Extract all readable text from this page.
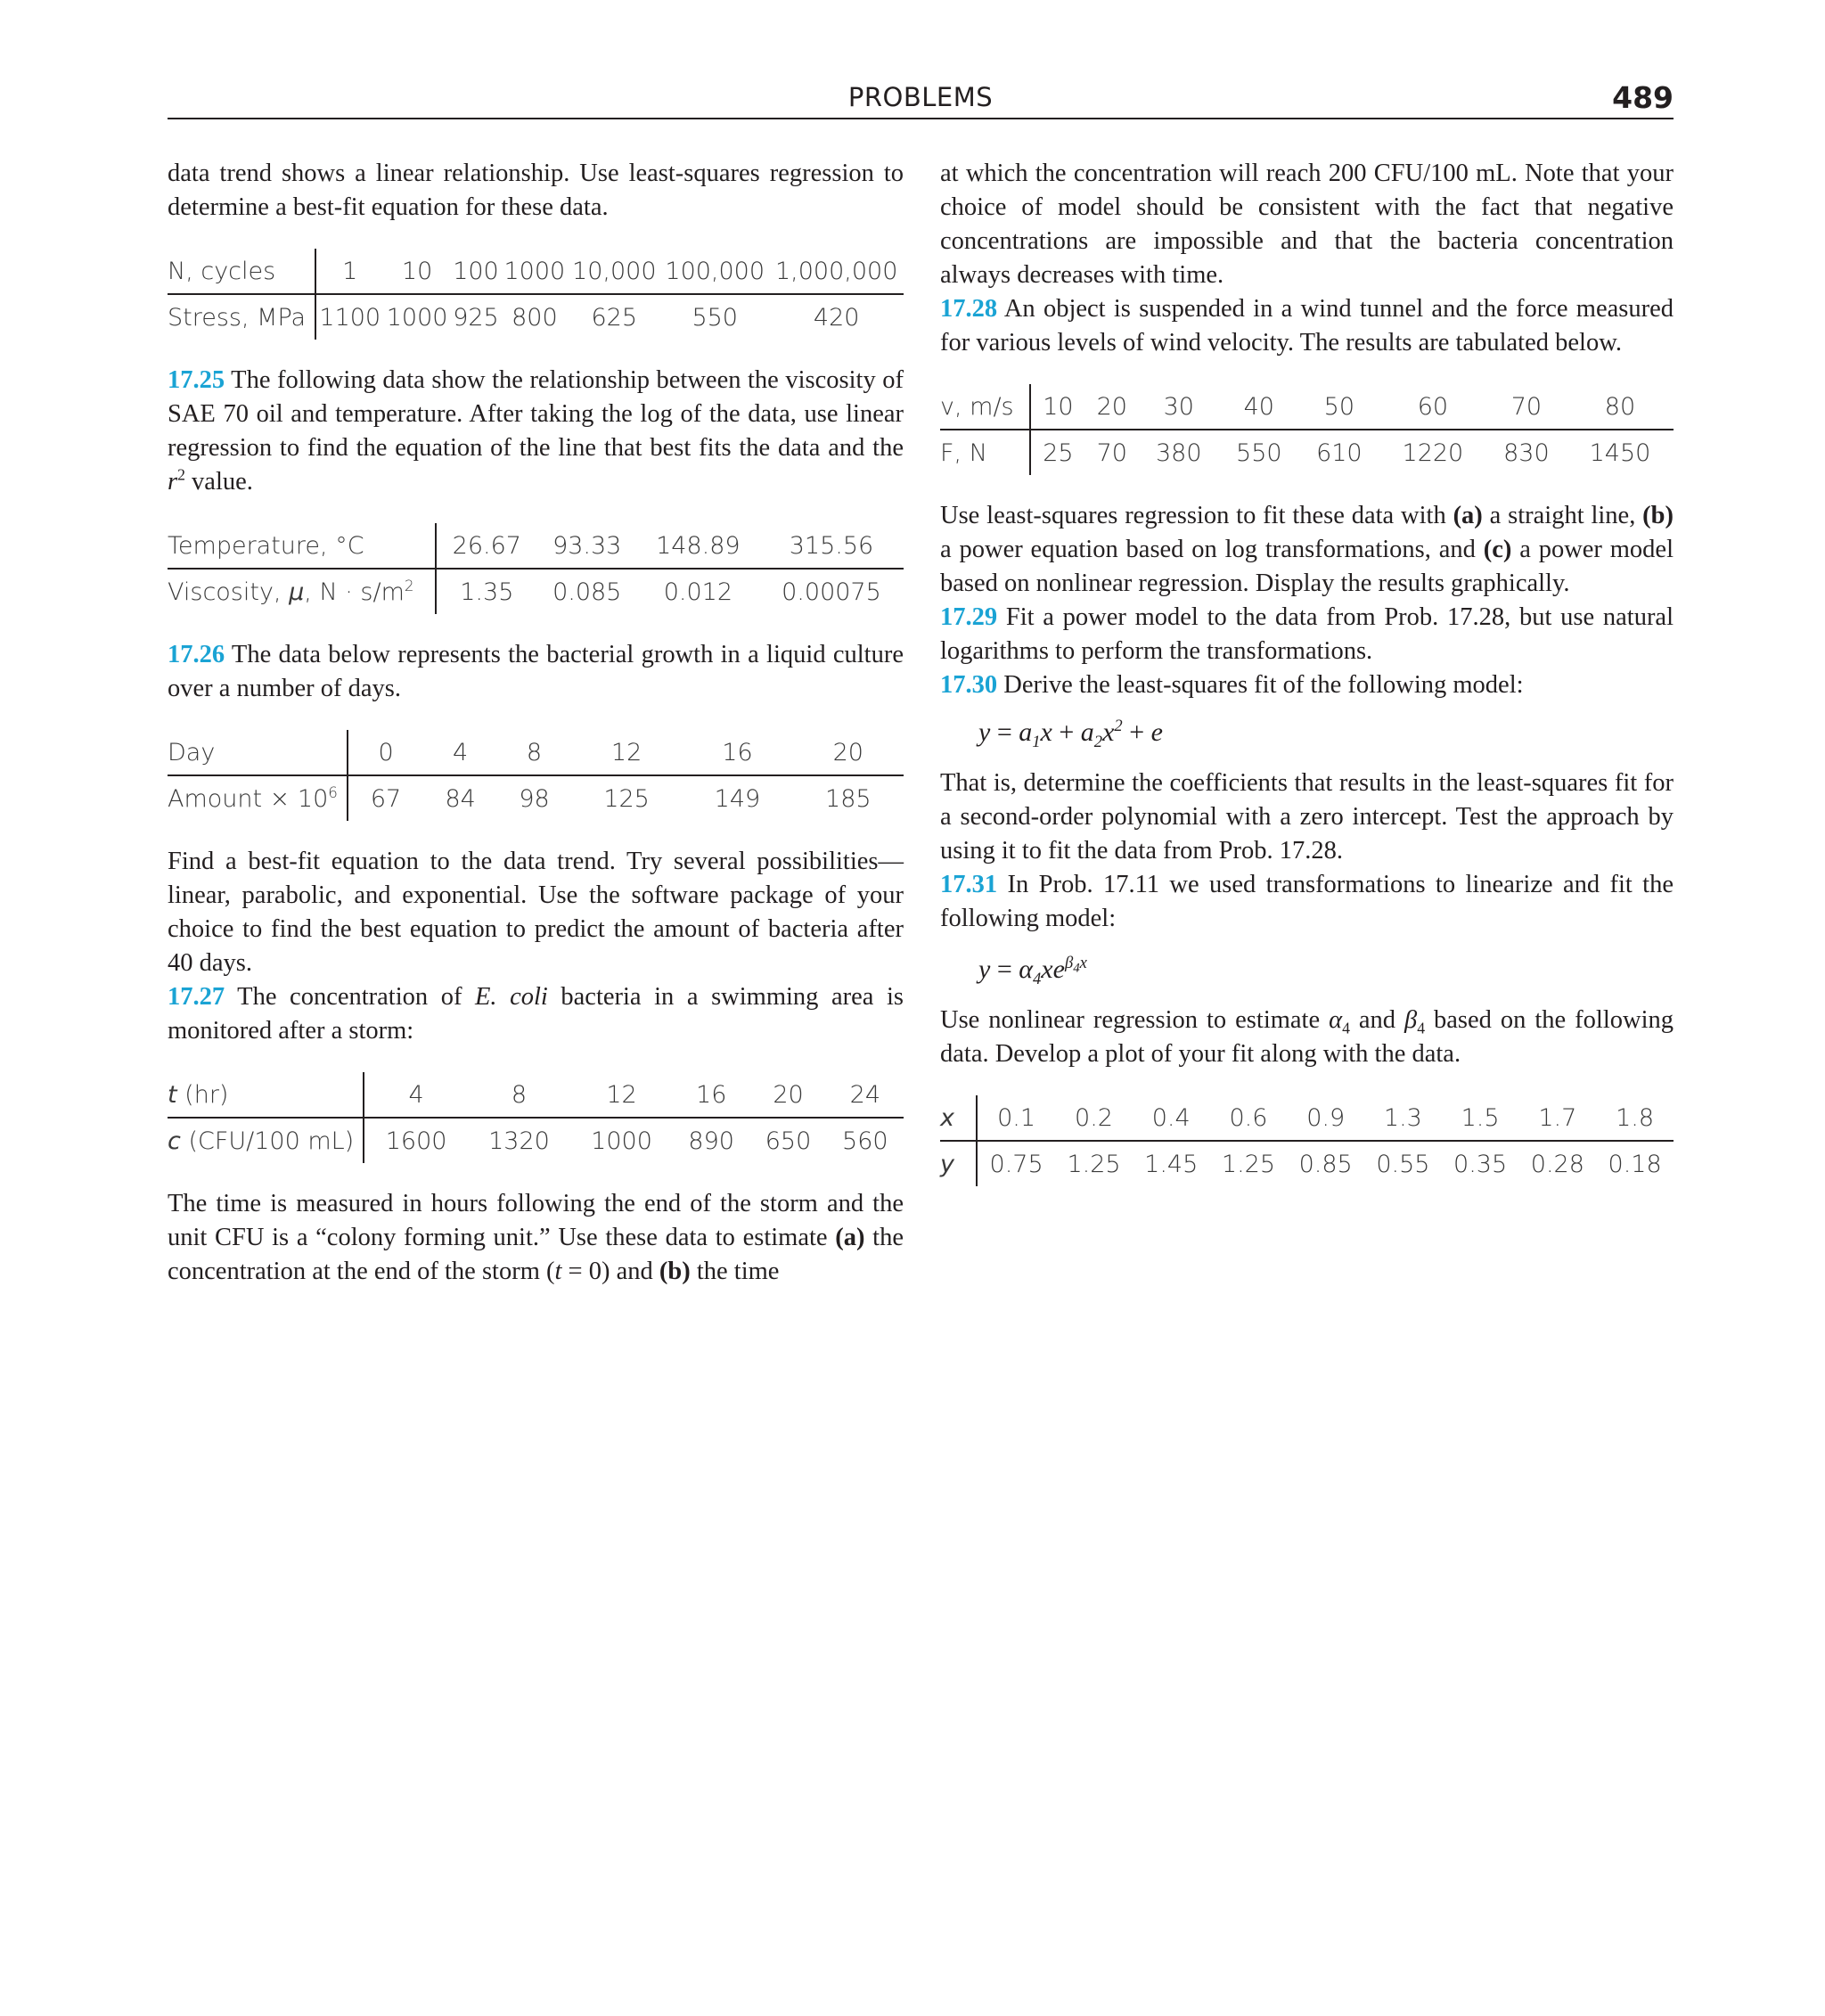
PROBLEMS	489

data trend shows a linear relationship. Use least-squares regression to determine a best-fit equation for these data.

N, cycles	1	10	100	1000	10,000	100,000	1,000,000
Stress, MPa	1100	1000	925	800	625	550	420

17.25 The following data show the relationship between the viscosity of SAE 70 oil and temperature. After taking the log of the data, use linear regression to find the equation of the line that best fits the data and the $r^2$ value.

Temperature, °C	26.67	93.33	148.89	315.56
Viscosity, μ, $N \cdot s/m^2$	1.35	0.085	0.012	0.00075

17.26 The data below represents the bacterial growth in a liquid culture over a number of days.

Day	0	4	8	12	16	20
Amount × $10^6$	67	84	98	125	149	185

Find a best-fit equation to the data trend. Try several possibilities—linear, parabolic, and exponential. Use the software package of your choice to find the best equation to predict the amount of bacteria after 40 days.

17.27 The concentration of E. coli bacteria in a swimming area is monitored after a storm:

t (hr)	4	8	12	16	20	24
c (CFU/100 mL)	1600	1320	1000	890	650	560

The time is measured in hours following the end of the storm and the unit CFU is a “colony forming unit.” Use these data to estimate (a) the concentration at the end of the storm (t = 0) and (b) the time

at which the concentration will reach 200 CFU/100 mL. Note that your choice of model should be consistent with the fact that negative concentrations are impossible and that the bacteria concentration always decreases with time.

17.28 An object is suspended in a wind tunnel and the force measured for various levels of wind velocity. The results are tabulated below.

v, m/s	10	20	30	40	50	60	70	80
F, N	25	70	380	550	610	1220	830	1450

Use least-squares regression to fit these data with (a) a straight line, (b) a power equation based on log transformations, and (c) a power model based on nonlinear regression. Display the results graphically.

17.29 Fit a power model to the data from Prob. 17.28, but use natural logarithms to perform the transformations.

17.30 Derive the least-squares fit of the following model:

$y = a_1x + a_2x^2 + e$

That is, determine the coefficients that results in the least-squares fit for a second-order polynomial with a zero intercept. Test the approach by using it to fit the data from Prob. 17.28.

17.31 In Prob. 17.11 we used transformations to linearize and fit the following model:

$y = \alpha_4xe^{\beta_4x}$

Use nonlinear regression to estimate $\alpha_4$ and $\beta_4$ based on the following data. Develop a plot of your fit along with the data.

x	0.1	0.2	0.4	0.6	0.9	1.3	1.5	1.7	1.8
y	0.75	1.25	1.45	1.25	0.85	0.55	0.35	0.28	0.18
